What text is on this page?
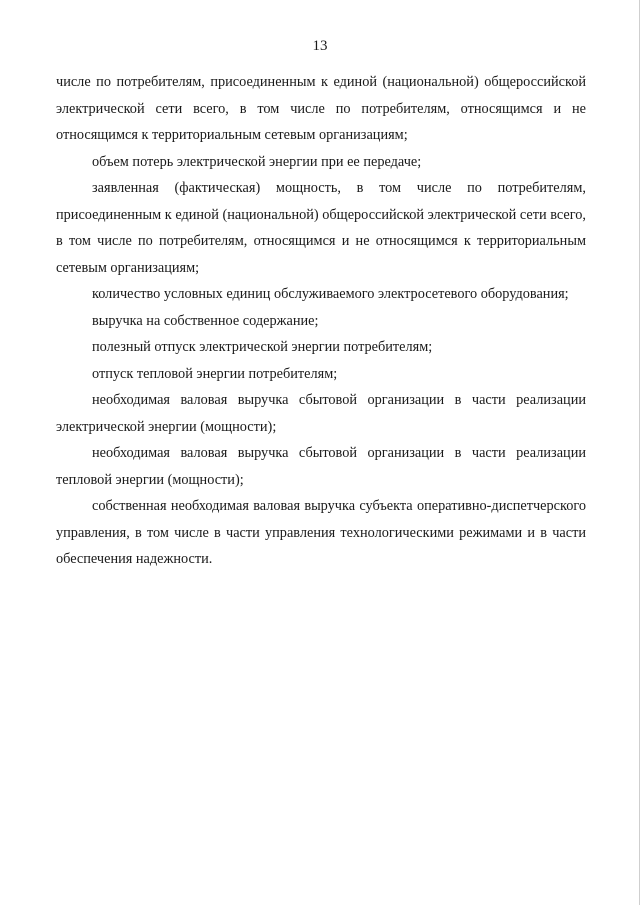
13

числе по потребителям, присоединенным к единой (национальной) общероссийской электрической сети всего, в том числе по потребителям, относящимся и не относящимся к территориальным сетевым организациям;

объем потерь электрической энергии при ее передаче;

заявленная (фактическая) мощность, в том числе по потребителям, присоединенным к единой (национальной) общероссийской электрической сети всего, в том числе по потребителям, относящимся и не относящимся к территориальным сетевым организациям;

количество условных единиц обслуживаемого электросетевого оборудования;

выручка на собственное содержание;

полезный отпуск электрической энергии потребителям;

отпуск тепловой энергии потребителям;

необходимая валовая выручка сбытовой организации в части реализации электрической энергии (мощности);

необходимая валовая выручка сбытовой организации в части реализации тепловой энергии (мощности);

собственная необходимая валовая выручка субъекта оперативно-диспетчерского управления, в том числе в части управления технологическими режимами и в части обеспечения надежности.
